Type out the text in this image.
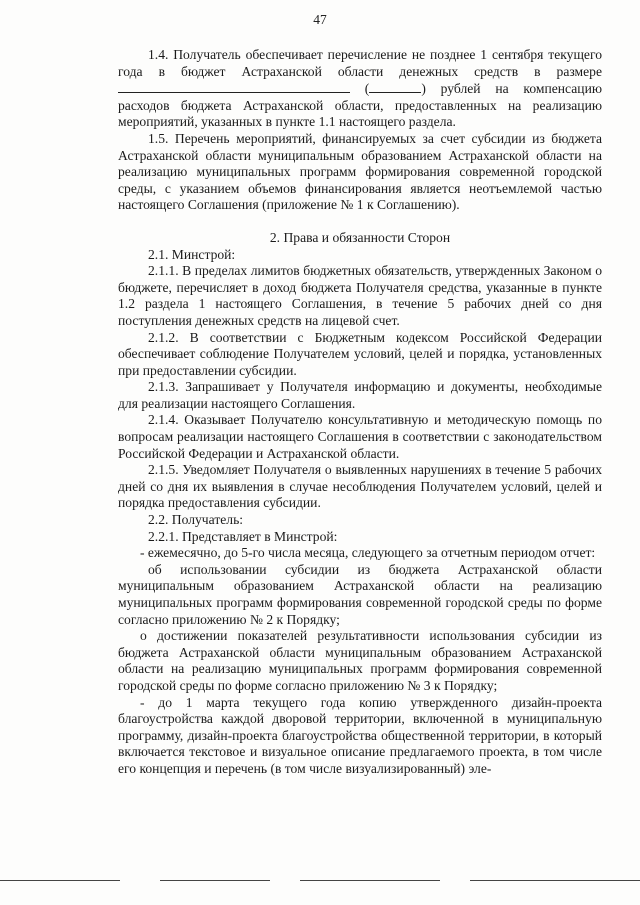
47

1.4. Получатель обеспечивает перечисление не позднее 1 сентября текущего года в бюджет Астраханской области денежных средств в размере (	) рублей на компенсацию расходов бюджета Астраханской области, предоставленных на реализацию мероприятий, указанных в пункте 1.1 настоящего раздела.

1.5. Перечень мероприятий, финансируемых за счет субсидии из бюджета Астраханской области муниципальным образованием Астраханской области на реализацию муниципальных программ формирования современной городской среды, с указанием объемов финансирования является неотъемлемой частью настоящего Соглашения (приложение № 1 к Соглашению).

2. Права и обязанности Сторон

2.1. Минстрой:

2.1.1. В пределах лимитов бюджетных обязательств, утвержденных Законом о бюджете, перечисляет в доход бюджета Получателя средства, указанные в пункте 1.2 раздела 1 настоящего Соглашения, в течение 5 рабочих дней со дня поступления денежных средств на лицевой счет.

2.1.2. В соответствии с Бюджетным кодексом Российской Федерации обеспечивает соблюдение Получателем условий, целей и порядка, установленных при предоставлении субсидии.

2.1.3. Запрашивает у Получателя информацию и документы, необходимые для реализации настоящего Соглашения.

2.1.4. Оказывает Получателю консультативную и методическую помощь по вопросам реализации настоящего Соглашения в соответствии с законодательством Российской Федерации и Астраханской области.

2.1.5. Уведомляет Получателя о выявленных нарушениях в течение 5 рабочих дней со дня их выявления в случае несоблюдения Получателем условий, целей и порядка предоставления субсидии.

2.2. Получатель:

2.2.1. Представляет в Минстрой:

- ежемесячно, до 5-го числа месяца, следующего за отчетным периодом отчет:

об использовании субсидии из бюджета Астраханской области муниципальным образованием Астраханской области на реализацию муниципальных программ формирования современной городской среды по форме согласно приложению № 2 к Порядку;

о достижении показателей результативности использования субсидии из бюджета Астраханской области муниципальным образованием Астраханской области на реализацию муниципальных программ формирования современной городской среды по форме согласно приложению № 3 к Порядку;

- до 1 марта текущего года копию утвержденного дизайн-проекта благоустройства каждой дворовой территории, включенной в муниципальную программу, дизайн-проекта благоустройства общественной территории, в который включается текстовое и визуальное описание предлагаемого проекта, в том числе его концепция и перечень (в том числе визуализированный) эле-
